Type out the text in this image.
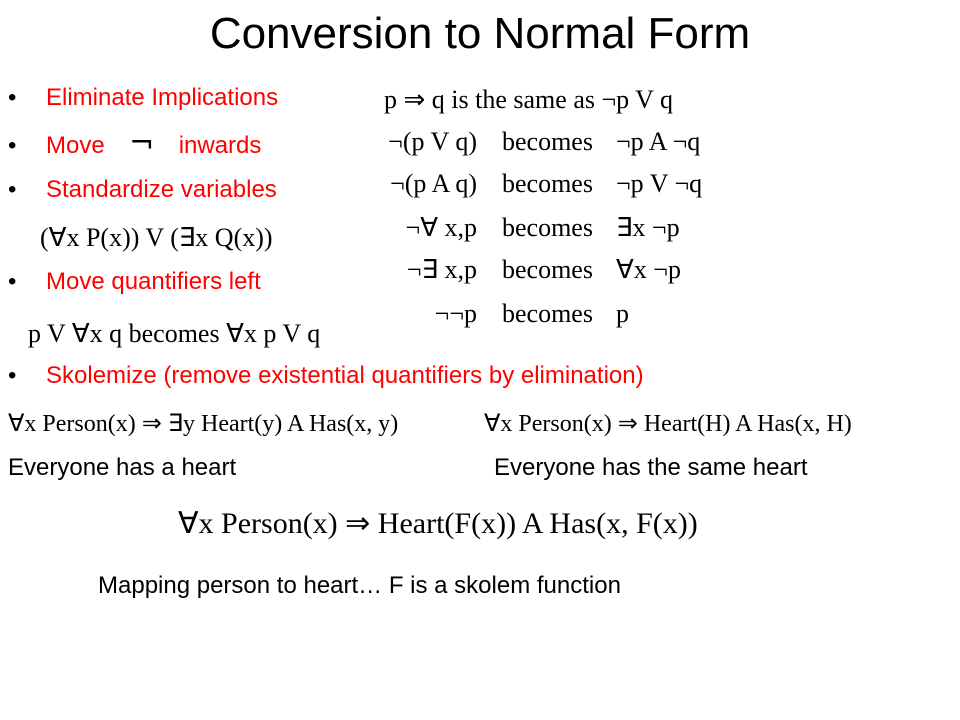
Conversion to Normal Form
•Eliminate Implications	p ⇒ q is the same as ¬p V q
•Move ¬ inwards	¬(p V q) becomes ¬p A ¬q
¬(p A q) becomes ¬p V ¬q
¬∀ x,p becomes ∃x ¬p
¬∃ x,p becomes ∀x ¬p
¬¬p becomes p
•Standardize variables
(∀x P(x)) V (∃x Q(x))
•Move quantifiers left
p V ∀x q becomes ∀x p V q
•Skolemize (remove existential quantifiers by elimination)
∀x Person(x) ⇒ ∃y Heart(y) A Has(x, y)	∀x Person(x) ⇒ Heart(H) A Has(x, H)
Everyone has a heart	Everyone has the same heart
∀x Person(x) ⇒ Heart(F(x)) A Has(x, F(x))
Mapping person to heart… F is a skolem function
